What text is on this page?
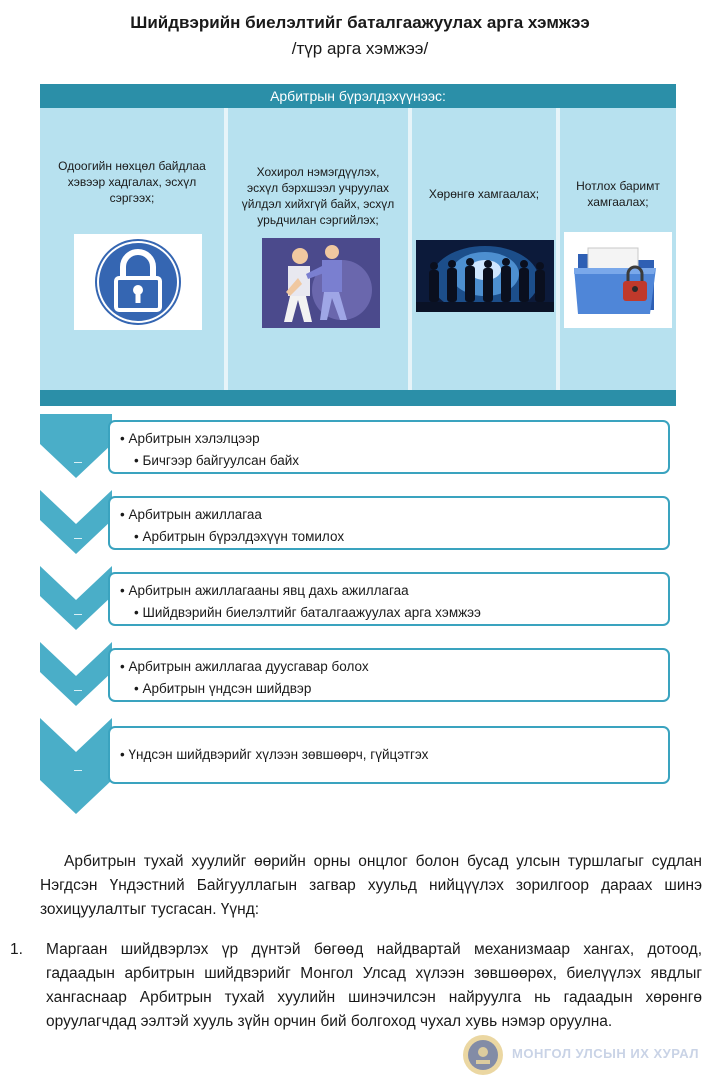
Шийдвэрийн биелэлтийг баталгаажуулах арга хэмжээ
/түр арга хэмжээ/
Арбитрын бүрэлдэхүүнээс:
Одоогийн нөхцөл байдлаа
хэвээр хадгалах, эсхүл
сэргээх;
Хохирол нэмэгдүүлэх,
эсхүл бэрхшээл учруулах
үйлдэл хийхгүй байх, эсхүл
урьдчилан сэргийлэх;
Хөрөнгө хамгаалах;
Нотлох баримт
хамгаалах;
• Арбитрын хэлэлцээр
• Бичгээр байгуулсан байх
• Арбитрын ажиллагаа
• Арбитрын бүрэлдэхүүн томилох
• Арбитрын ажиллагааны явц дахь ажиллагаа
• Шийдвэрийн биелэлтийг баталгаажуулах арга хэмжээ
• Арбитрын ажиллагаа дуусгавар болох
• Арбитрын үндсэн шийдвэр
• Үндсэн шийдвэрийг хүлээн зөвшөөрч, гүйцэтгэх

Арбитрын тухай хуулийг өөрийн орны онцлог болон бусад улсын туршлагыг судлан Нэгдсэн Үндэстний Байгууллагын загвар хуульд нийцүүлэх зорилгоор дараах шинэ зохицуулалтыг тусгасан. Үүнд:

1. Маргаан шийдвэрлэх үр дүнтэй бөгөөд найдвартай механизмаар хангах, дотоод, гадаадын арбитрын шийдвэрийг Монгол Улсад хүлээн зөвшөөрөх, биелүүлэх явдлыг хангаснаар Арбитрын тухай хуулийн шинэчилсэн найруулга нь гадаадын хөрөнгө оруулагчдад ээлтэй хууль зүйн орчин бий болгоход чухал хувь нэмэр оруулна.

МОНГОЛ УЛСЫН ИХ ХУРАЛ
